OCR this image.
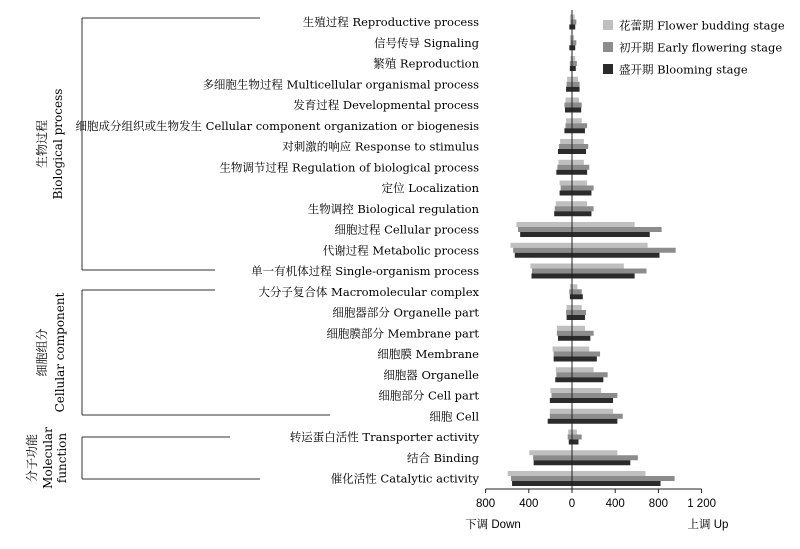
生殖过程 Reproductive process
信号传导 Signaling
繁殖 Reproduction
多细胞生物过程 Multicellular organismal process
发育过程 Developmental process
细胞成分组织或生物发生 Cellular component organization or biogenesis
对刺激的响应 Response to stimulus
生物调节过程 Regulation of biological process
定位 Localization
生物调控 Biological regulation
细胞过程 Cellular process
代谢过程 Metabolic process
单一有机体过程 Single-organism process
大分子复合体 Macromolecular complex
细胞器部分 Organelle part
细胞膜部分 Membrane part
细胞膜 Membrane
细胞器 Organelle
细胞部分 Cell part
细胞 Cell
转运蛋白活性 Transporter activity
结合 Binding
催化活性 Catalytic activity
800 400	0	400 800 1 200
下调 Down	上调 Up
生物过程 Biological process
细胞组分 Cellular component
分子功能 Molecular function
花蕾期 Flower budding stage
初开期 Early flowering stage
盛开期 Blooming stage
